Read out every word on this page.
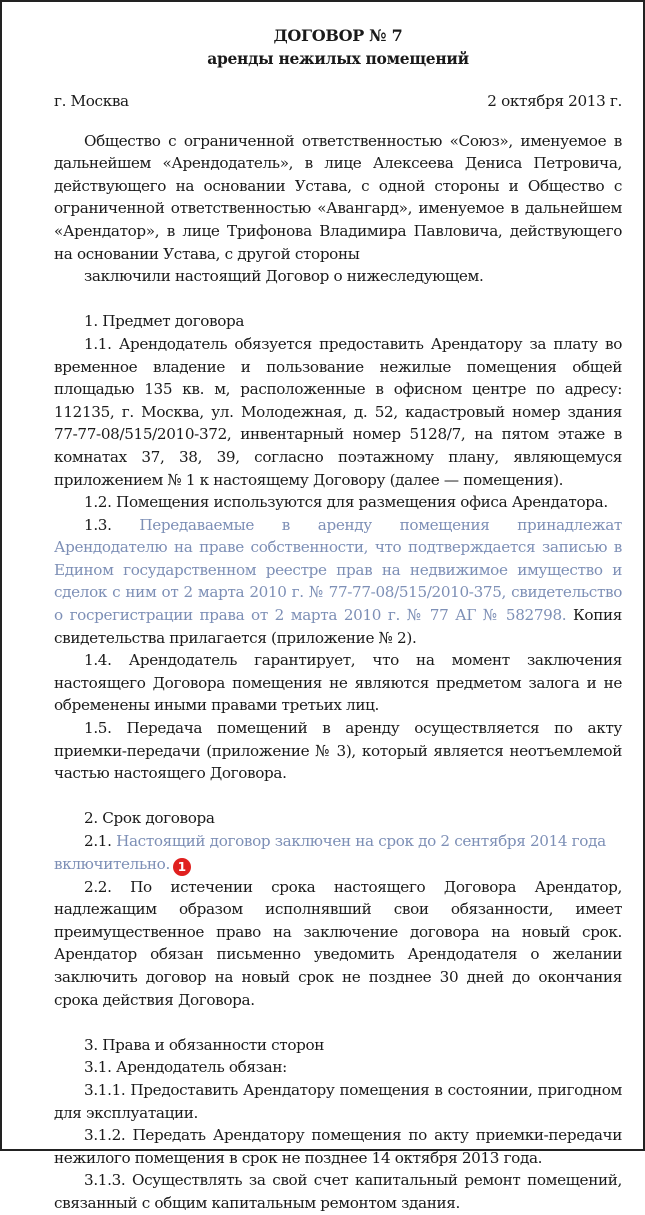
ДОГОВОР № 7
аренды нежилых помещений
г. Москва	2 октября 2013 г.

Общество с ограниченной ответственностью «Союз», именуемое в дальнейшем «Арендодатель», в лице Алексеева Дениса Петровича, действующего на основании Устава, с одной стороны и Общество с ограниченной ответственностью «Авангард», именуемое в дальнейшем «Арендатор», в лице Трифонова Владимира Павловича, действующего на основании Устава, с другой стороны

заключили настоящий Договор о нижеследующем.

1. Предмет договора

1.1. Арендодатель обязуется предоставить Арендатору за плату во временное владение и пользование нежилые помещения общей площадью 135 кв. м, расположенные в офисном центре по адресу: 112135, г. Москва, ул. Молодежная, д. 52, кадастровый номер здания 77-77-08/515/2010-372, инвентарный номер 5128/7, на пятом этаже в комнатах 37, 38, 39, согласно поэтажному плану, являющемуся приложением № 1 к настоящему Договору (далее — помещения).

1.2. Помещения используются для размещения офиса Арендатора.

1.3. Передаваемые в аренду помещения принадлежат Арендодателю на праве собственности, что подтверждается записью в Едином государственном реестре прав на недвижимое имущество и сделок с ним от 2 марта 2010 г. № 77-77-08/515/2010-375, свидетельство о госрегистрации права от 2 марта 2010 г. № 77 АГ № 582798. Копия свидетельства прилагается (приложение № 2).

1.4. Арендодатель гарантирует, что на момент заключения настоящего Договора помещения не являются предметом залога и не обременены иными правами третьих лиц.

1.5. Передача помещений в аренду осуществляется по акту приемки-передачи (приложение № 3), который является неотъемлемой частью настоящего Договора.

2. Срок договора

2.1. Настоящий договор заключен на срок до 2 сентября 2014 года включительно. 1

2.2. По истечении срока настоящего Договора Арендатор, надлежащим образом исполнявший свои обязанности, имеет преимущественное право на заключение договора на новый срок. Арендатор обязан письменно уведомить Арендодателя о желании заключить договор на новый срок не позднее 30 дней до окончания срока действия Договора.

3. Права и обязанности сторон

3.1. Арендодатель обязан:

3.1.1. Предоставить Арендатору помещения в состоянии, пригодном для эксплуатации.

3.1.2. Передать Арендатору помещения по акту приемки-передачи нежилого помещения в срок не позднее 14 октября 2013 года.

3.1.3. Осуществлять за свой счет капитальный ремонт помещений, связанный с общим капитальным ремонтом здания.
